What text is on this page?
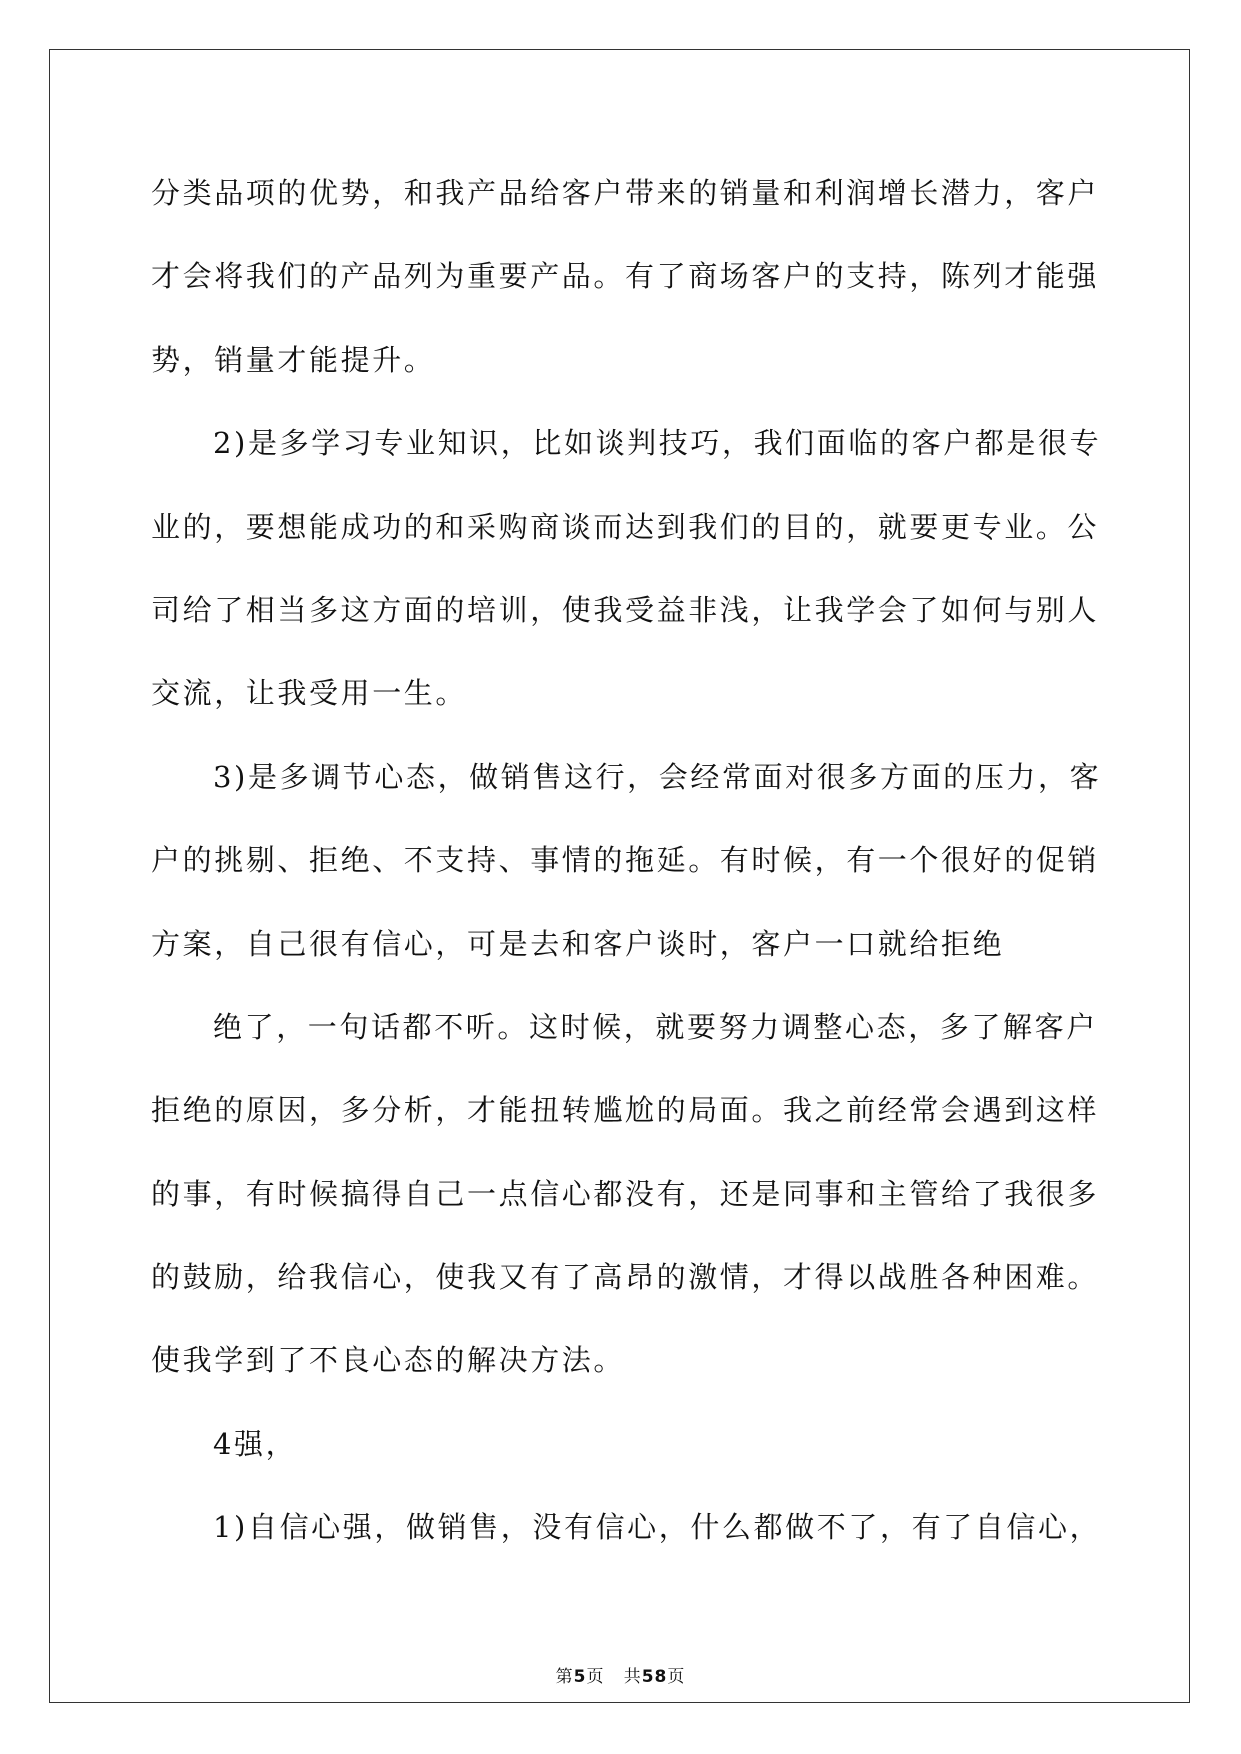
分类品项的优势，和我产品给客户带来的销量和利润增长潜力，客户
才会将我们的产品列为重要产品。有了商场客户的支持，陈列才能强
势，销量才能提升。
2)是多学习专业知识，比如谈判技巧，我们面临的客户都是很专
业的，要想能成功的和采购商谈而达到我们的目的，就要更专业。公
司给了相当多这方面的培训，使我受益非浅，让我学会了如何与别人
交流，让我受用一生。
3)是多调节心态，做销售这行，会经常面对很多方面的压力，客
户的挑剔、拒绝、不支持、事情的拖延。有时候，有一个很好的促销
方案，自己很有信心，可是去和客户谈时，客户一口就给拒绝
绝了，一句话都不听。这时候，就要努力调整心态，多了解客户
拒绝的原因，多分析，才能扭转尴尬的局面。我之前经常会遇到这样
的事，有时候搞得自己一点信心都没有，还是同事和主管给了我很多
的鼓励，给我信心，使我又有了高昂的激情，才得以战胜各种困难。
使我学到了不良心态的解决方法。
4强，
1)自信心强，做销售，没有信心，什么都做不了，有了自信心，
第5页 共58页
